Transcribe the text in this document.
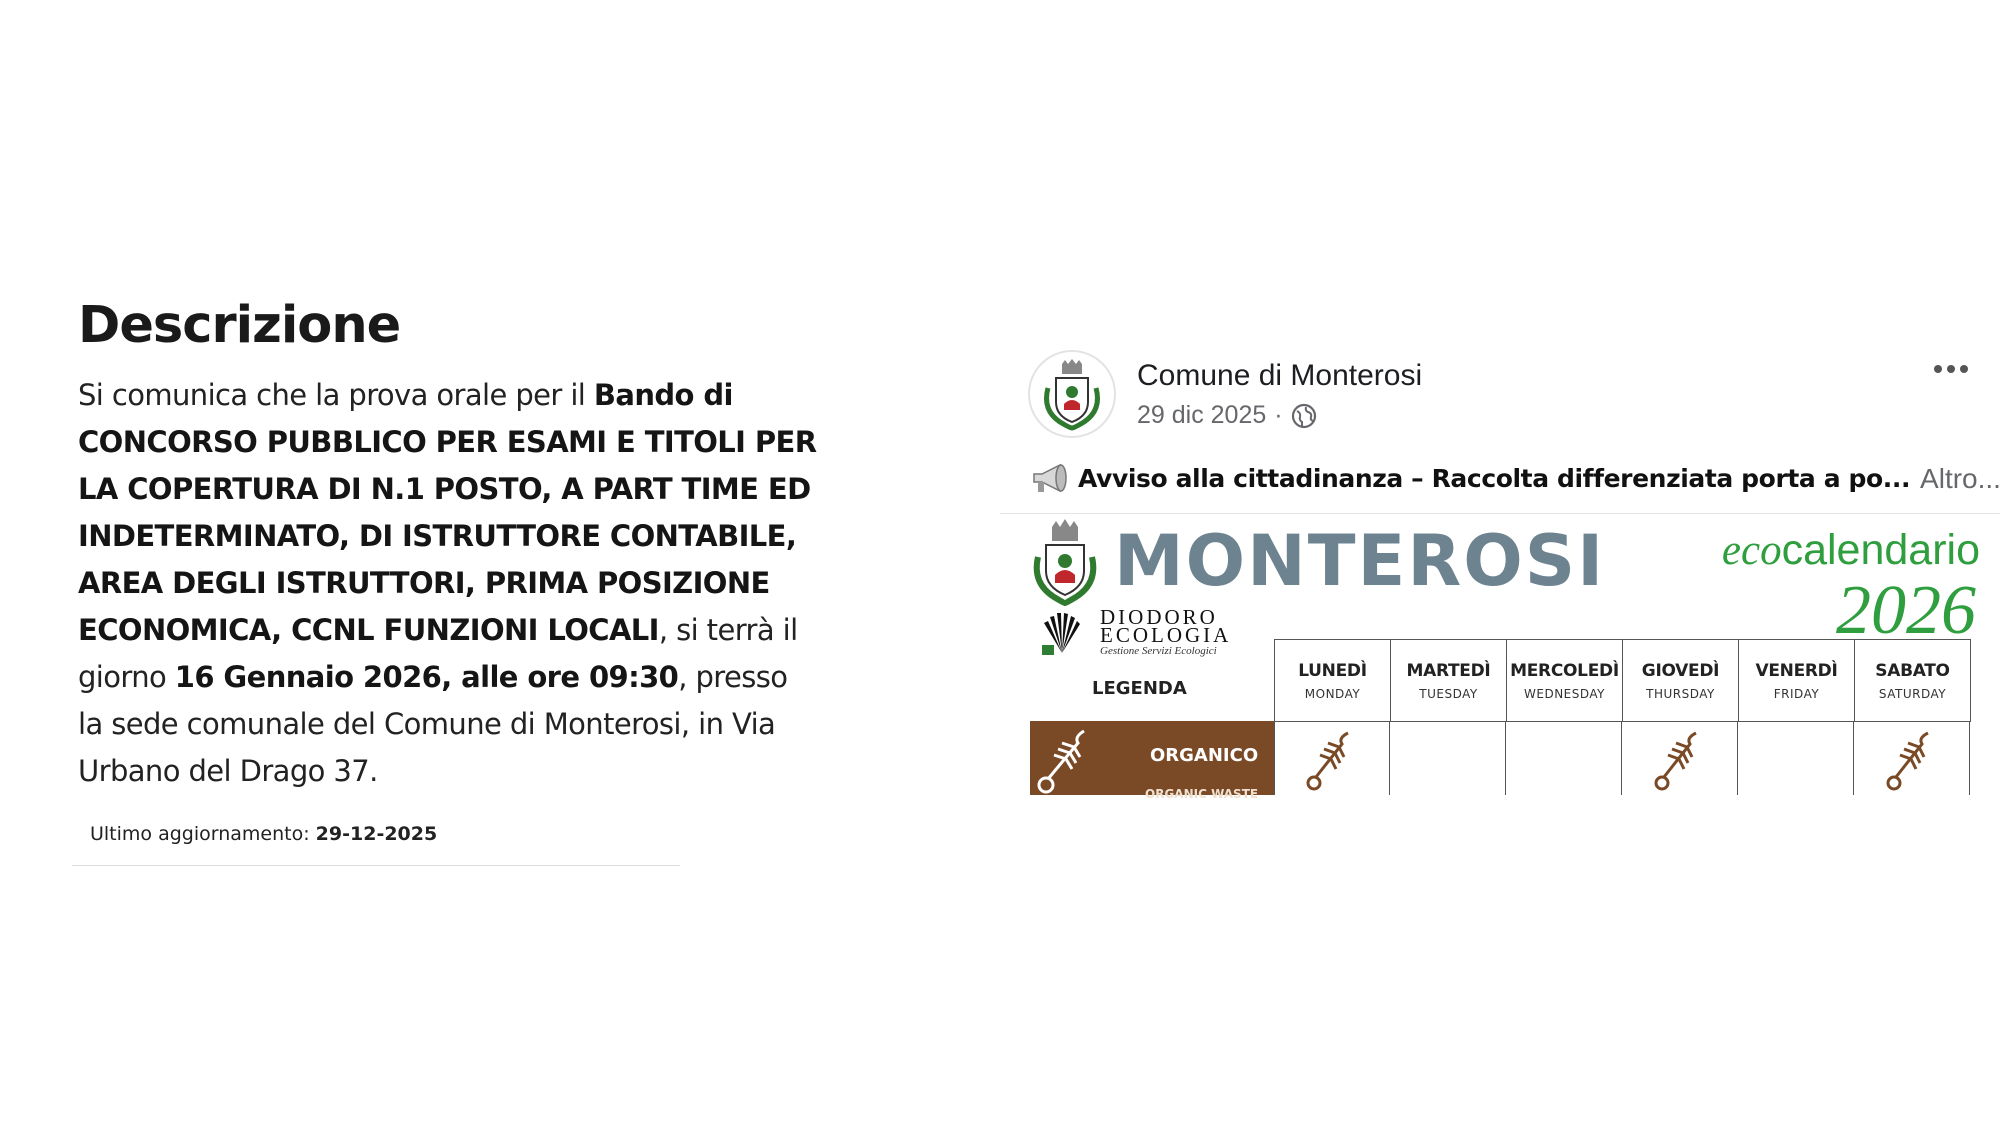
Descrizione

Si comunica che la prova orale per il Bando di CONCORSO PUBBLICO PER ESAMI E TITOLI PER LA COPERTURA DI N.1 POSTO, A PART TIME ED INDETERMINATO, DI ISTRUTTORE CONTABILE, AREA DEGLI ISTRUTTORI, PRIMA POSIZIONE ECONOMICA, CCNL FUNZIONI LOCALI, si terrà il giorno 16 Gennaio 2026, alle ore 09:30, presso la sede comunale del Comune di Monterosi, in Via Urbano del Drago 37.

Ultimo aggiornamento: 29-12-2025

Comune di Monterosi
29 dic 2025 ·
Avviso alla cittadinanza – Raccolta differenziata porta a po... Altro...
MONTEROSI	ecocalendario
2026
DIODORO
ECOLOGIA
Gestione Servizi Ecologici
LEGENDA
LUNEDÌ
MONDAY
MARTEDÌ
TUESDAY
MERCOLEDÌ
WEDNESDAY
GIOVEDÌ
THURSDAY
VENERDÌ
FRIDAY
SABATO
SATURDAY
ORGANICO
ORGANIC WASTE
